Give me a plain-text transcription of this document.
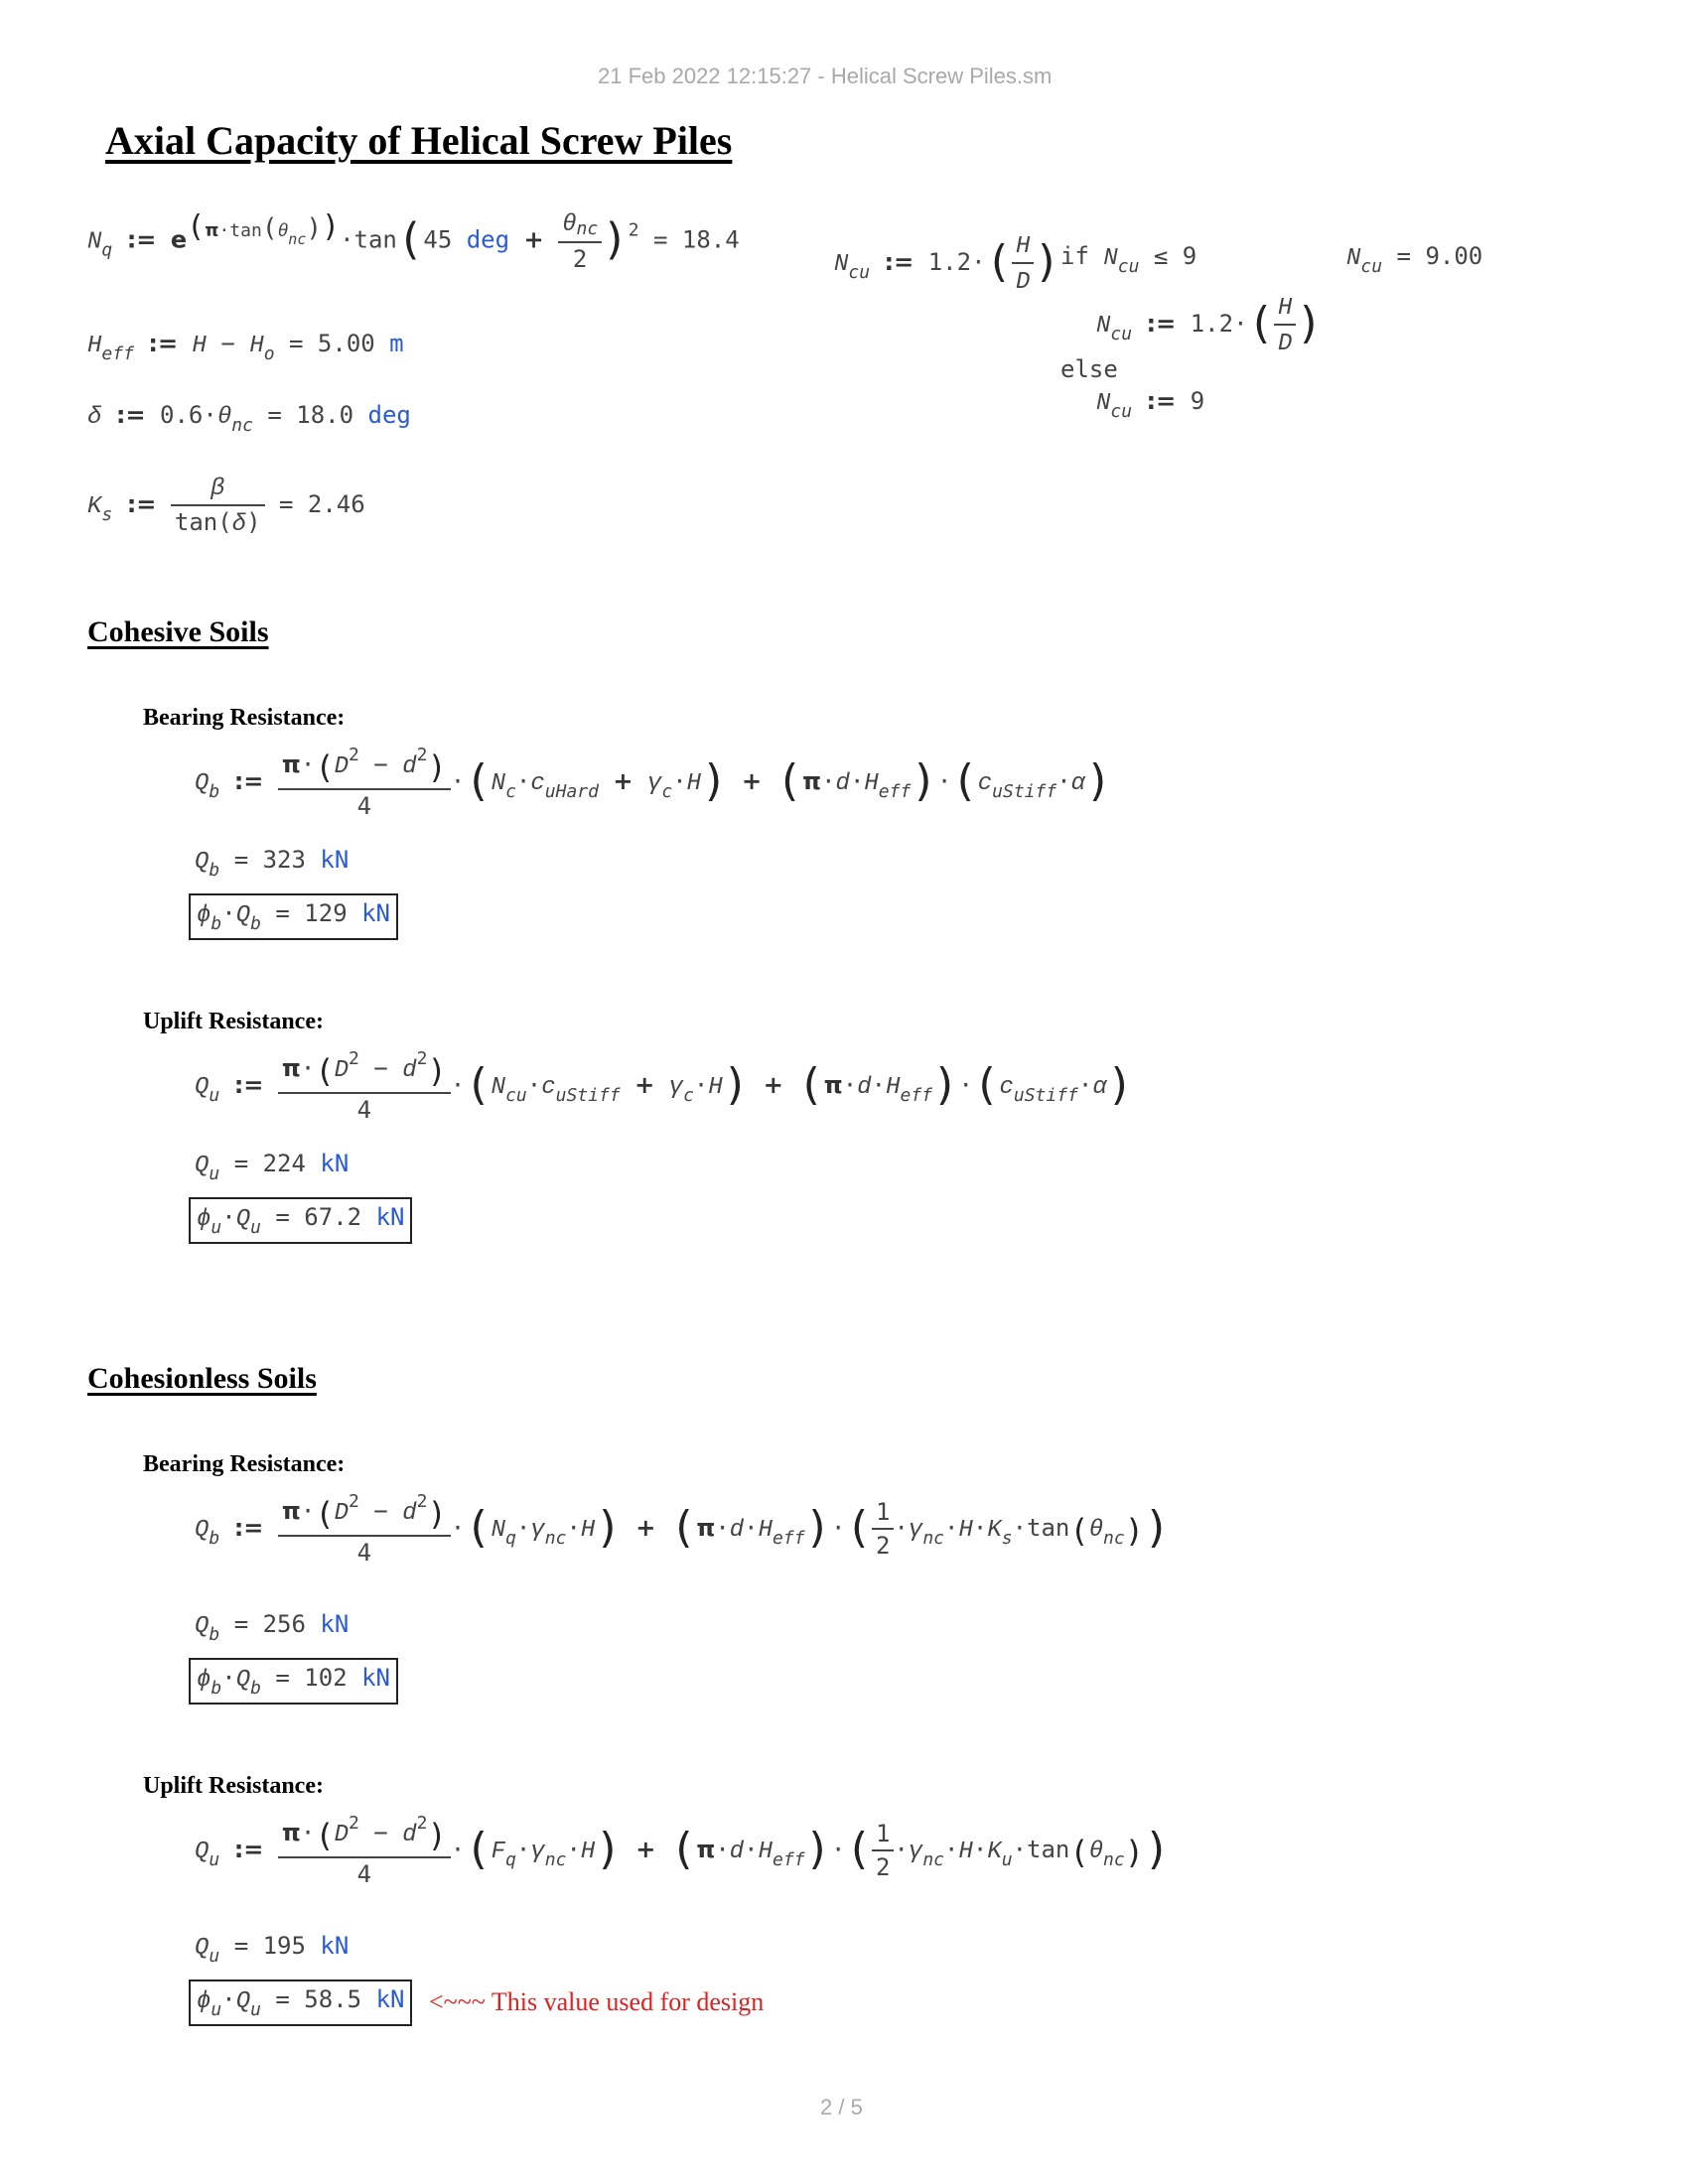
21 Feb 2022 12:15:27 - Helical Screw Piles.sm
Axial Capacity of Helical Screw Piles
$N_q$ := $e^{(\pi\cdot tan(\theta_{nc}))}\cdot\tan(45$ deg + $\frac{\text{θnc}}{2} )^2 = 18.4$
$H_{eff}$ := $H - H_o = 5.00$ m
δ := $0.6\cdot\theta_{nc} = 18.0$ deg
$K_s$ := $\frac{\beta}{\tan(\delta)} = 2.46$
$N_{cu}$ := $1.2\cdot( \frac{H}{D}$ ) if $N_{cu} \le 9$
$N_{cu}$ := $1.2\cdot( \frac{H}{D}$ )
else
$N_{cu}$ := 9
$N_{cu} = 9.00$
Cohesive Soils
Bearing Resistance:
$Q_b$ := $\frac{\pi\cdot(D^2 - d^2)}{4} \cdot(N_c\cdot c_{uHard} + \gamma_c\cdot H) + (\pi\cdot d\cdot H_{eff})\cdot(c_{uStiff}\cdot\alpha)$
$Q_b = 323$ kN
$\phi_b\cdot Q_b = 129$ kN
Uplift Resistance:
$Q_u$ := $\frac{\pi\cdot(D^2 - d^2)}{4} \cdot(N_{cu}\cdot c_{uStiff} + \gamma_c\cdot H) + (\pi\cdot d\cdot H_{eff})\cdot(c_{uStiff}\cdot\alpha)$
$Q_u = 224$ kN
$\phi_u\cdot Q_u = 67.2$ kN
Cohesionless Soils
Bearing Resistance:
$Q_b$ := $\frac{\pi\cdot(D^2 - d^2)}{4} \cdot(N_q\cdot\gamma_{nc}\cdot H) + (\pi\cdot d\cdot H_{eff})\cdot( \frac{1}{2} \cdot\gamma_{nc}\cdot H\cdot K_s\cdot\tan(\theta_{nc}))$
$Q_b = 256$ kN
$\phi_b\cdot Q_b = 102$ kN
Uplift Resistance:
$Q_u$ := $\frac{\pi\cdot(D^2 - d^2)}{4} \cdot(F_q\cdot\gamma_{nc}\cdot H) + (\pi\cdot d\cdot H_{eff})\cdot( \frac{1}{2} \cdot\gamma_{nc}\cdot H\cdot K_u\cdot\tan(\theta_{nc}))$
$Q_u = 195$ kN
$\phi_u\cdot Q_u = 58.5$ kN <~~~ This value used for design
2 / 5
